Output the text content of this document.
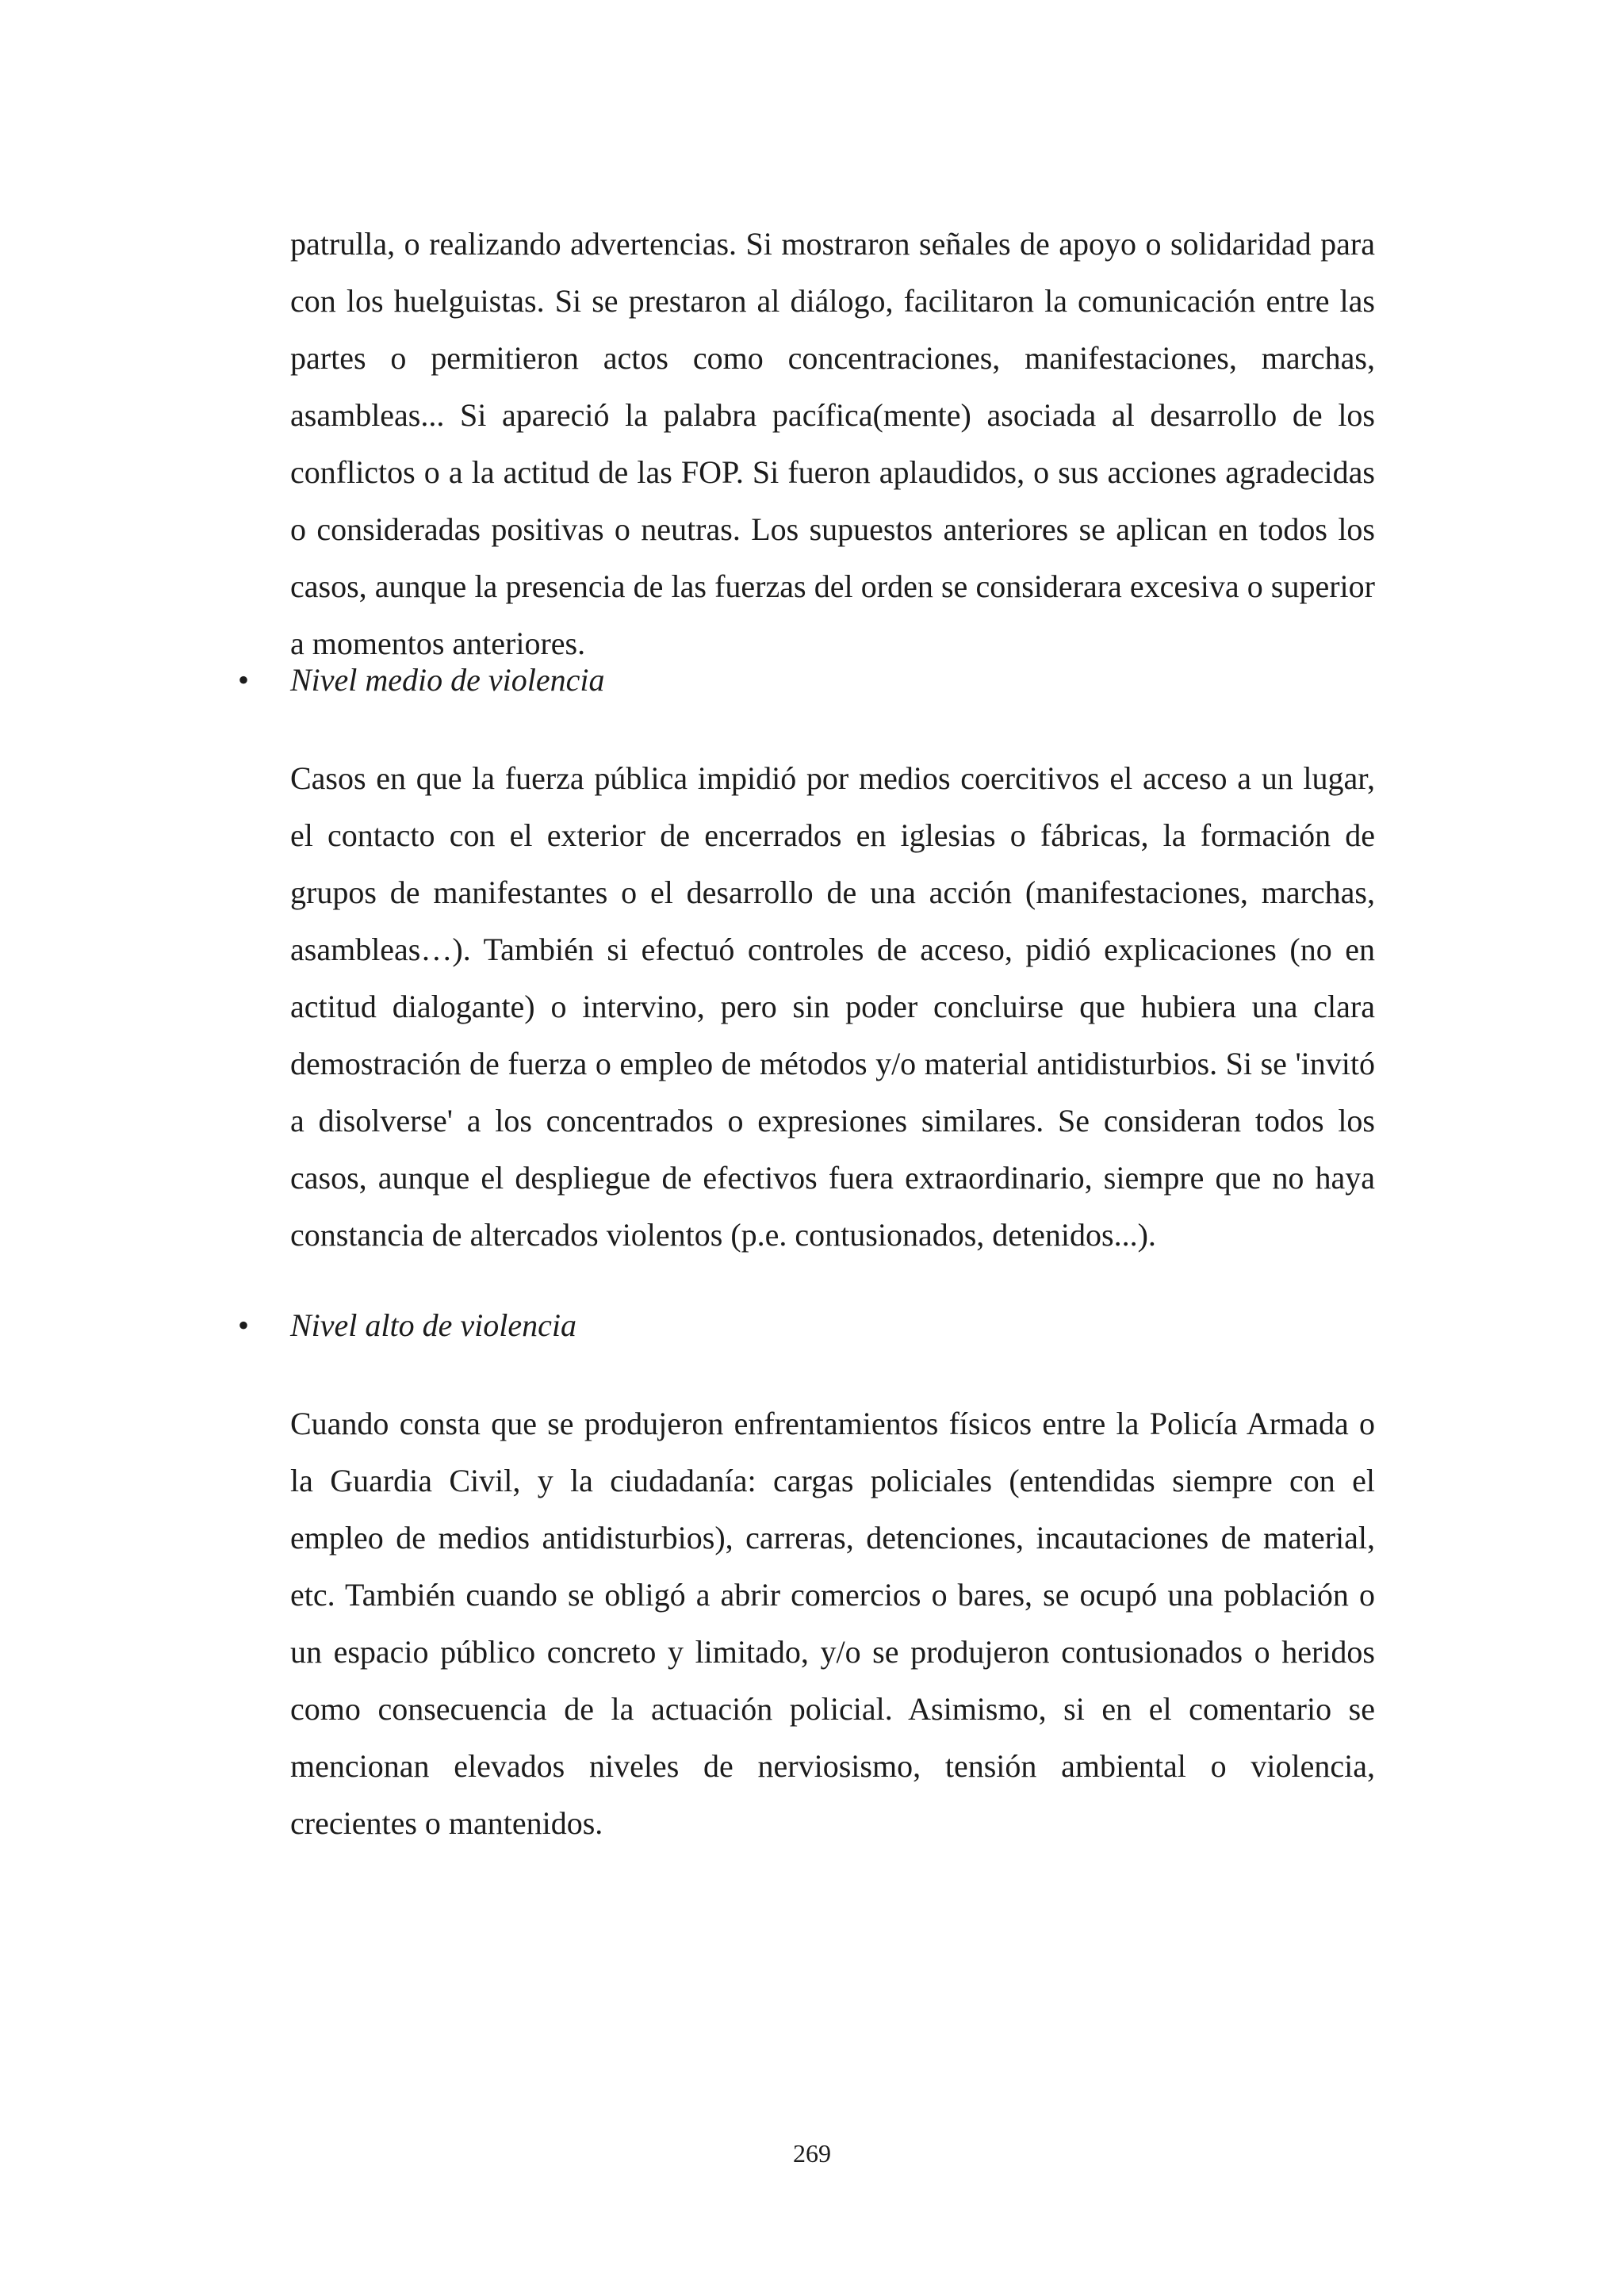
patrulla, o realizando advertencias. Si mostraron señales de apoyo o solidaridad para con los huelguistas. Si se prestaron al diálogo, facilitaron la comunicación entre las partes o permitieron actos como concentraciones, manifestaciones, marchas, asambleas... Si apareció la palabra pacífica(mente) asociada al desarrollo de los conflictos o a la actitud de las FOP. Si fueron aplaudidos, o sus acciones agradecidas o consideradas positivas o neutras. Los supuestos anteriores se aplican en todos los casos, aunque la presencia de las fuerzas del orden se considerara excesiva o superior a momentos anteriores.

•	Nivel medio de violencia

Casos en que la fuerza pública impidió por medios coercitivos el acceso a un lugar, el contacto con el exterior de encerrados en iglesias o fábricas, la formación de grupos de manifestantes o el desarrollo de una acción (manifestaciones, marchas, asambleas…). También si efectuó controles de acceso, pidió explicaciones (no en actitud dialogante) o intervino, pero sin poder concluirse que hubiera una clara demostración de fuerza o empleo de métodos y/o material antidisturbios. Si se 'invitó a disolverse' a los concentrados o expresiones similares. Se consideran todos los casos, aunque el despliegue de efectivos fuera extraordinario, siempre que no haya constancia de altercados violentos (p.e. contusionados, detenidos...).

•	Nivel alto de violencia

Cuando consta que se produjeron enfrentamientos físicos entre la Policía Armada o la Guardia Civil, y la ciudadanía: cargas policiales (entendidas siempre con el empleo de medios antidisturbios), carreras, detenciones, incautaciones de material, etc. También cuando se obligó a abrir comercios o bares, se ocupó una población o un espacio público concreto y limitado, y/o se produjeron contusionados o heridos como consecuencia de la actuación policial. Asimismo, si en el comentario se mencionan elevados niveles de nerviosismo, tensión ambiental o violencia, crecientes o mantenidos.

269
